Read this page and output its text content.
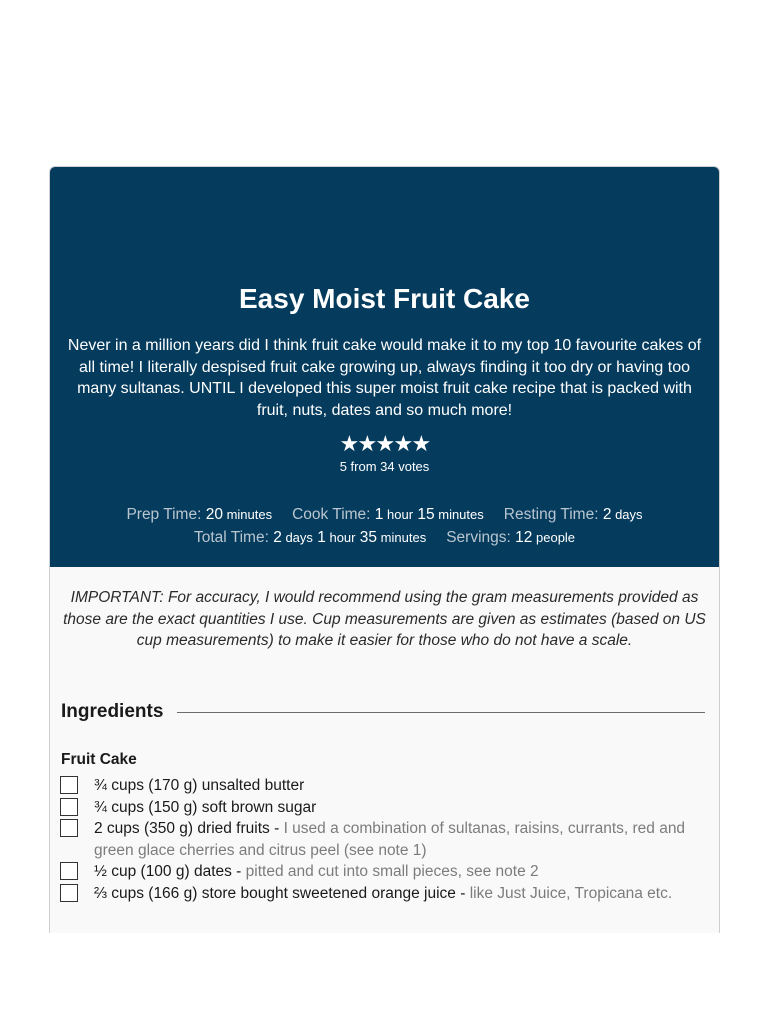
Easy Moist Fruit Cake

Never in a million years did I think fruit cake would make it to my top 10 favourite cakes of all time! I literally despised fruit cake growing up, always finding it too dry or having too many sultanas. UNTIL I developed this super moist fruit cake recipe that is packed with fruit, nuts, dates and so much more!

★
★
★
★
★
5 from 34 votes
Prep Time: 20 minutes Cook Time: 1 hour 15 minutes Resting Time: 2 days
Total Time: 2 days 1 hour 35 minutes Servings: 12 people

IMPORTANT: For accuracy, I would recommend using the gram measurements provided as those are the exact quantities I use. Cup measurements are given as estimates (based on US cup measurements) to make it easier for those who do not have a scale.

Ingredients
Fruit Cake
¾ cups (170 g) unsalted butter
¾ cups (150 g) soft brown sugar
2 cups (350 g) dried fruits - I used a combination of sultanas, raisins, currants, red and green glace cherries and citrus peel (see note 1)
½ cup (100 g) dates - pitted and cut into small pieces, see note 2
⅔ cups (166 g) store bought sweetened orange juice - like Just Juice, Tropicana etc.
